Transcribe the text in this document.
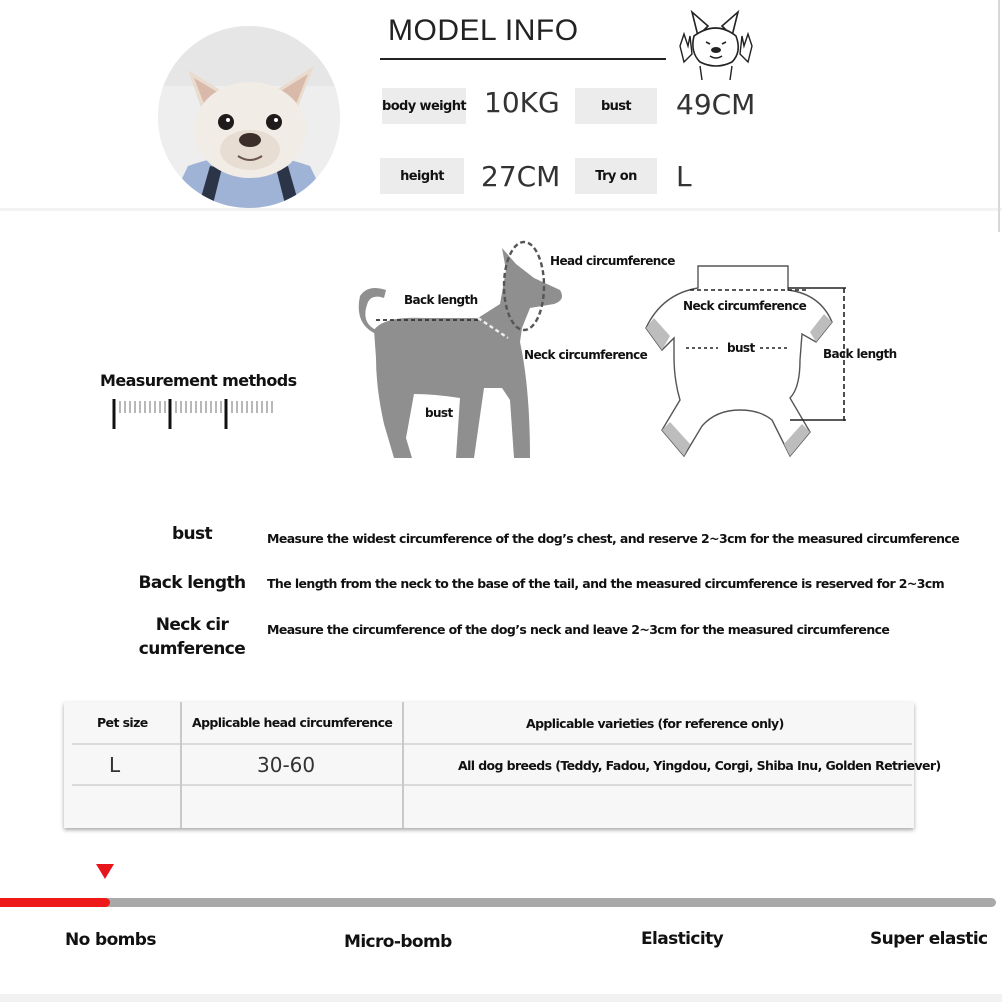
MODEL INFO
body weight 10KG	bust	49CM
height	27CM	Try on	L
Measurement methods
Head circumference
Back length
Neck circumference
bust
Neck circumference
bust	Back length
bust	Measure the widest circumference of the dog’s chest, and reserve 2~3cm for the measured circumference
Back length	The length from the neck to the base of the tail, and the measured circumference is reserved for 2~3cm
Neck cir
cumference
Measure the circumference of the dog’s neck and leave 2~3cm for the measured circumference
Pet size	Applicable head circumference	Applicable varieties (for reference only)
L	30-60	All dog breeds (Teddy, Fadou, Yingdou, Corgi, Shiba Inu, Golden Retriever)
No bombs	Micro-bomb	Elasticity	Super elastic
